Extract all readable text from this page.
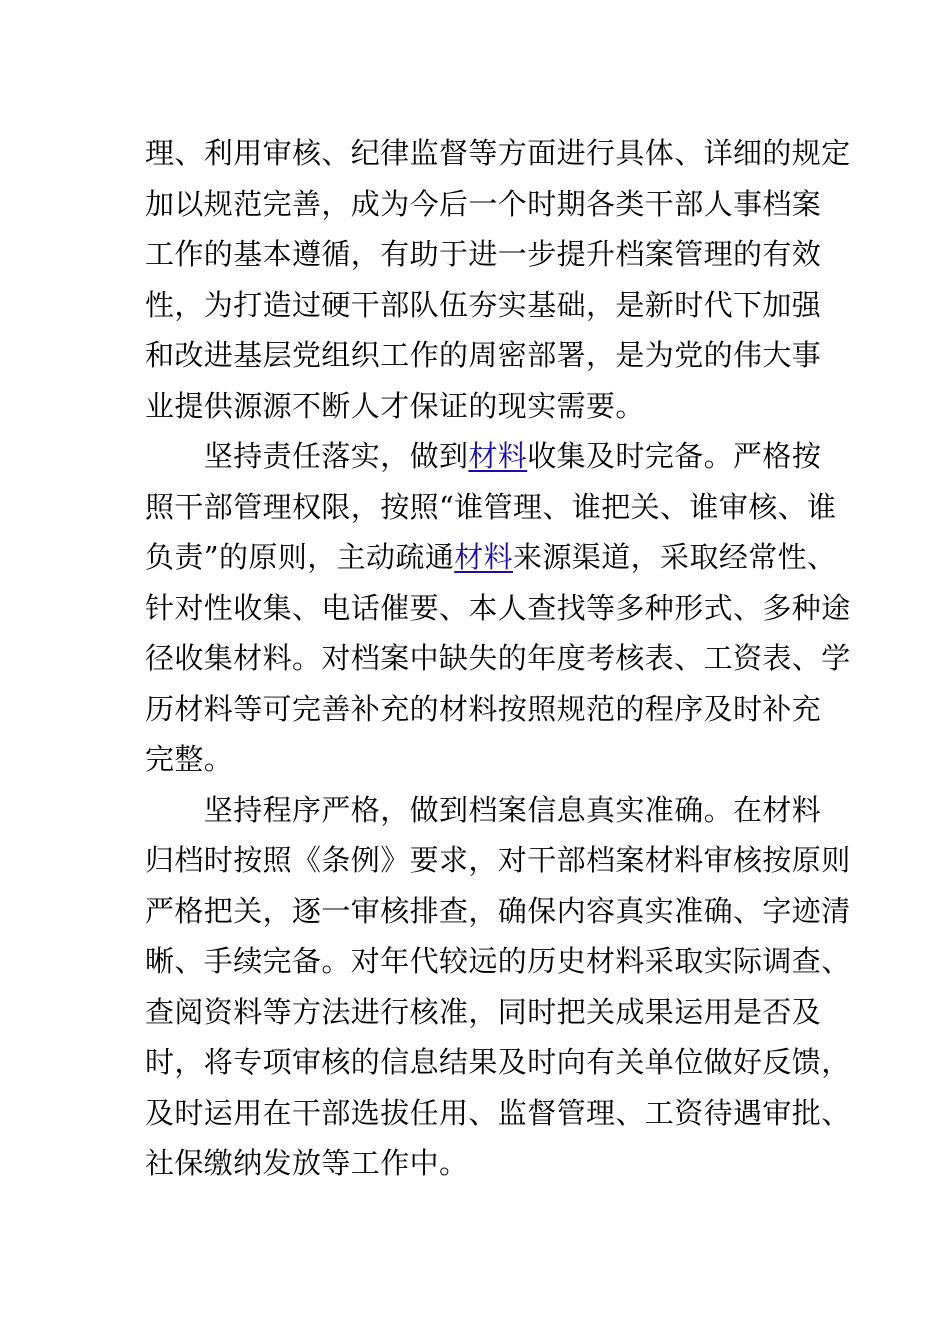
理、利用审核、纪律监督等方面进行具体、详细的规定
加以规范完善，成为今后一个时期各类干部人事档案
工作的基本遵循，有助于进一步提升档案管理的有效
性，为打造过硬干部队伍夯实基础，是新时代下加强
和改进基层党组织工作的周密部署，是为党的伟大事
业提供源源不断人才保证的现实需要。
　　坚持责任落实，做到材料收集及时完备。严格按
照干部管理权限，按照“谁管理、谁把关、谁审核、谁
负责”的原则，主动疏通材料来源渠道，采取经常性、
针对性收集、电话催要、本人查找等多种形式、多种途
径收集材料。对档案中缺失的年度考核表、工资表、学
历材料等可完善补充的材料按照规范的程序及时补充
完整。
　　坚持程序严格，做到档案信息真实准确。在材料
归档时按照《条例》要求，对干部档案材料审核按原则
严格把关，逐一审核排查，确保内容真实准确、字迹清
晰、手续完备。对年代较远的历史材料采取实际调查、
查阅资料等方法进行核准，同时把关成果运用是否及
时，将专项审核的信息结果及时向有关单位做好反馈，
及时运用在干部选拔任用、监督管理、工资待遇审批、
社保缴纳发放等工作中。
